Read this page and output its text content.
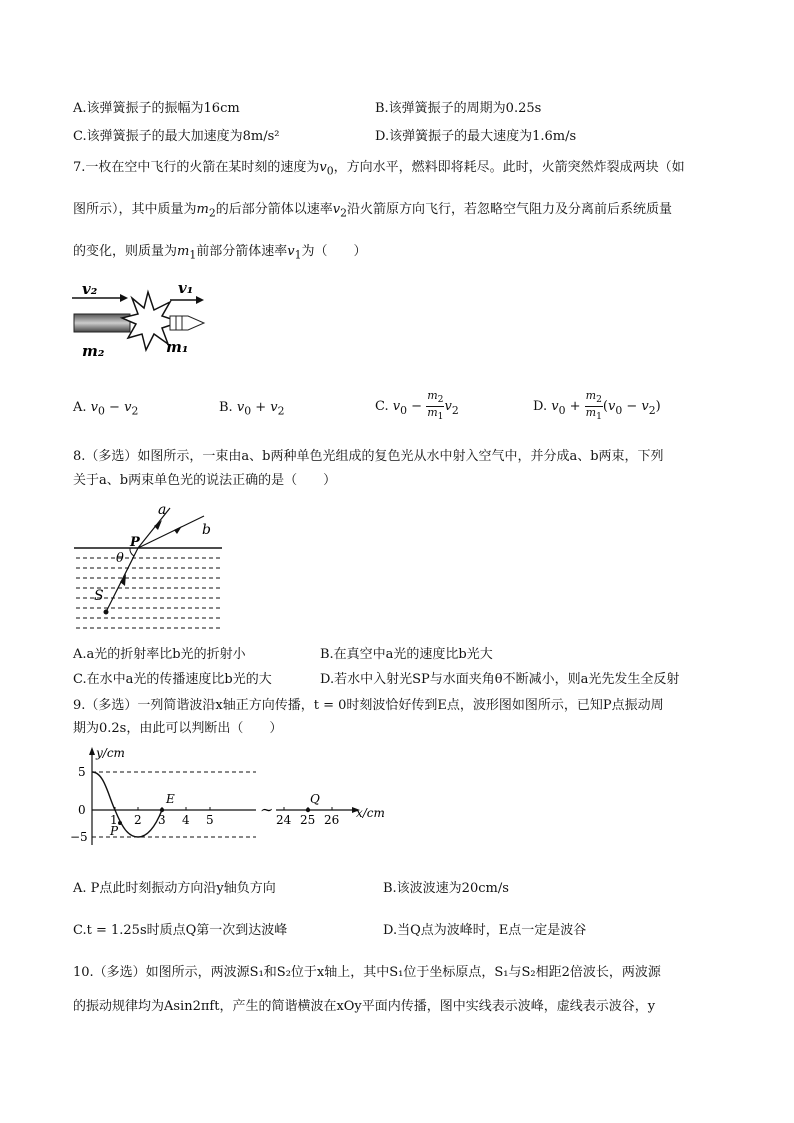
A.该弹簧振子的振幅为16cm	B.该弹簧振子的周期为0.25s
C.该弹簧振子的最大加速度为8m/s²	D.该弹簧振子的最大速度为1.6m/s
7.一枚在空中飞行的火箭在某时刻的速度为$v_0$，方向水平，燃料即将耗尽。此时，火箭突然炸裂成两块（如
图所示），其中质量为$m_2$的后部分箭体以速率$v_2$沿火箭原方向飞行，若忽略空气阻力及分离前后系统质量
的变化，则质量为$m_1$前部分箭体速率$v_1$为（　　）
v₂	v₁
m₂	m₁
A. $v_0 - v_2$	B. $v_0 + v_2$	C. $v_0 - \frac{m_2}{m_1} v_2$	D. $v_0 + \frac{m_2}{m_1} (v_0 - v_2)$
8.（多选）如图所示，一束由a、b两种单色光组成的复色光从水中射入空气中，并分成a、b两束，下列
关于a、b两束单色光的说法正确的是（　　）
a
b
P
θ
S
A.a光的折射率比b光的折射小	B.在真空中a光的速度比b光大
C.在水中a光的传播速度比b光的大	D.若水中入射光SP与水面夹角θ不断减小，则a光先发生全反射
9.（多选）一列简谐波沿x轴正方向传播，t = 0时刻波恰好传到E点，波形图如图所示，已知P点振动周
期为0.2s，由此可以判断出（　　）
y/cm
∼	x/cm
5
0
−5
1 2 3 4 5	24 25 26
E
P
Q
A. P点此时刻振动方向沿y轴负方向	B.该波波速为20cm/s
C.t = 1.25s时质点Q第一次到达波峰	D.当Q点为波峰时，E点一定是波谷
10.（多选）如图所示，两波源S₁和S₂位于x轴上，其中S₁位于坐标原点，S₁与S₂相距2倍波长，两波源
的振动规律均为Asin2πft，产生的简谐横波在xOy平面内传播，图中实线表示波峰，虚线表示波谷，y
